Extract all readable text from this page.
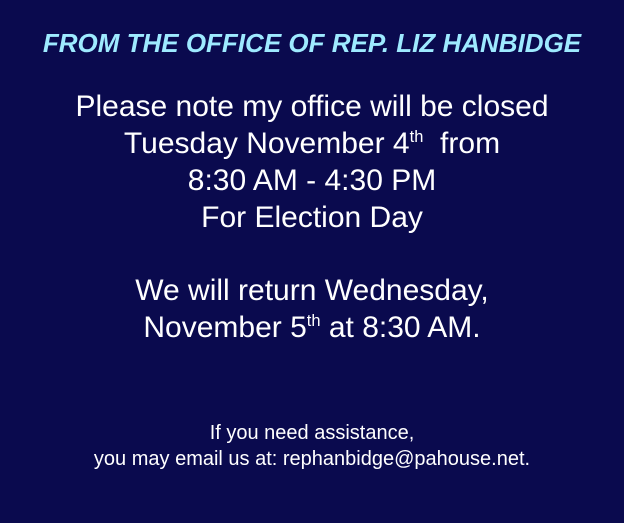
FROM THE OFFICE OF REP. LIZ HANBIDGE
Please note my office will be closed
Tuesday November 4th  from
8:30 AM - 4:30 PM
For Election Day
We will return Wednesday,
November 5th at 8:30 AM.
If you need assistance,
you may email us at: rephanbidge@pahouse.net.
